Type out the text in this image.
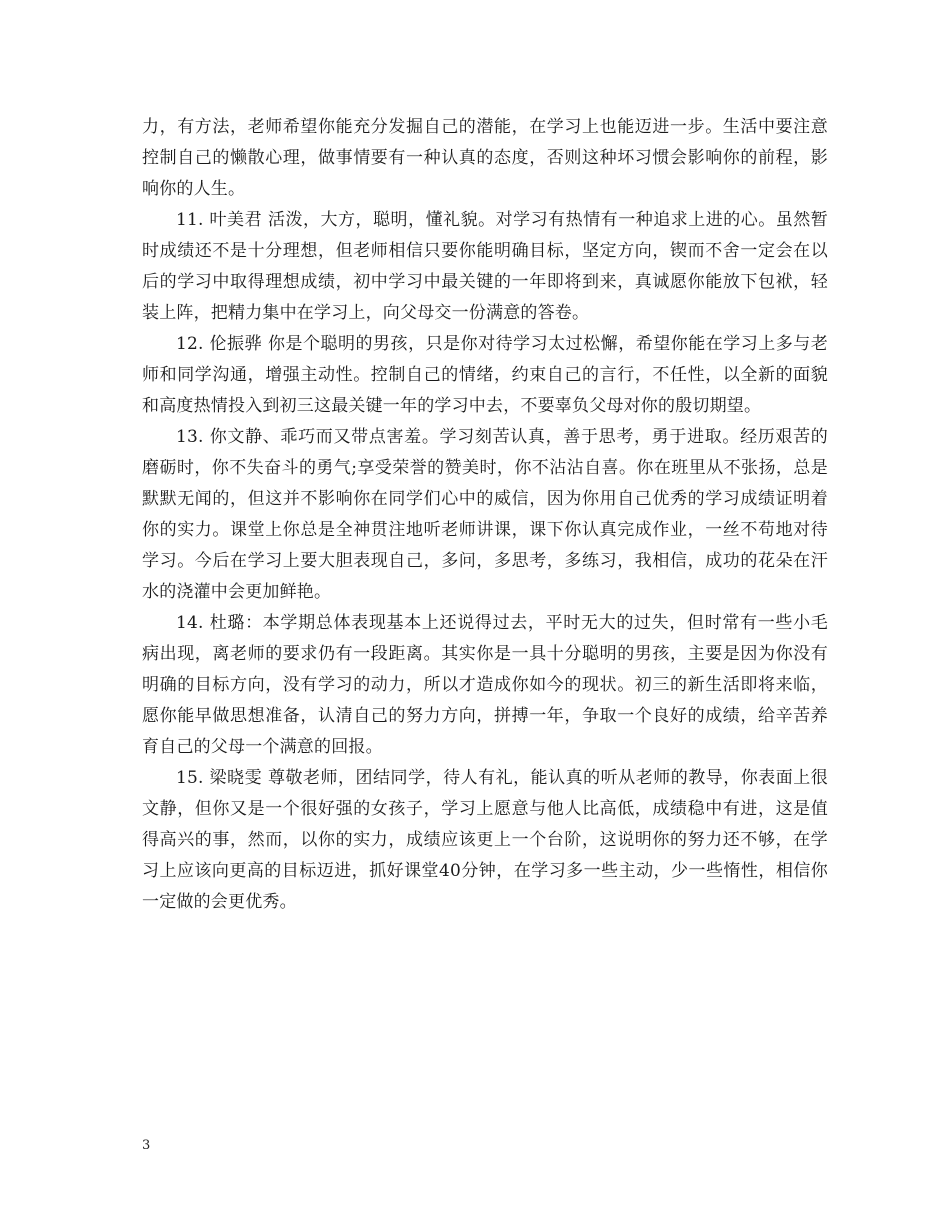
力，有方法，老师希望你能充分发掘自己的潜能，在学习上也能迈进一步。生活中要注意控制自己的懒散心理，做事情要有一种认真的态度，否则这种坏习惯会影响你的前程，影响你的人生。

11. 叶美君 活泼，大方，聪明，懂礼貌。对学习有热情有一种追求上进的心。虽然暂时成绩还不是十分理想，但老师相信只要你能明确目标，坚定方向，锲而不舍一定会在以后的学习中取得理想成绩，初中学习中最关键的一年即将到来，真诚愿你能放下包袱，轻装上阵，把精力集中在学习上，向父母交一份满意的答卷。

12. 伦振骅 你是个聪明的男孩，只是你对待学习太过松懈，希望你能在学习上多与老师和同学沟通，增强主动性。控制自己的情绪，约束自己的言行，不任性，以全新的面貌和高度热情投入到初三这最关键一年的学习中去，不要辜负父母对你的殷切期望。

13. 你文静、乖巧而又带点害羞。学习刻苦认真，善于思考，勇于进取。经历艰苦的磨砺时，你不失奋斗的勇气;享受荣誉的赞美时，你不沾沾自喜。你在班里从不张扬，总是默默无闻的，但这并不影响你在同学们心中的威信，因为你用自己优秀的学习成绩证明着你的实力。课堂上你总是全神贯注地听老师讲课，课下你认真完成作业，一丝不苟地对待学习。今后在学习上要大胆表现自己，多问，多思考，多练习，我相信，成功的花朵在汗水的浇灌中会更加鲜艳。

14. 杜璐：本学期总体表现基本上还说得过去，平时无大的过失，但时常有一些小毛病出现，离老师的要求仍有一段距离。其实你是一具十分聪明的男孩，主要是因为你没有明确的目标方向，没有学习的动力，所以才造成你如今的现状。初三的新生活即将来临，愿你能早做思想准备，认清自己的努力方向，拼搏一年，争取一个良好的成绩，给辛苦养育自己的父母一个满意的回报。

15. 梁晓雯 尊敬老师，团结同学，待人有礼，能认真的听从老师的教导，你表面上很文静，但你又是一个很好强的女孩子，学习上愿意与他人比高低，成绩稳中有进，这是值得高兴的事，然而，以你的实力，成绩应该更上一个台阶，这说明你的努力还不够，在学习上应该向更高的目标迈进，抓好课堂40分钟，在学习多一些主动，少一些惰性，相信你一定做的会更优秀。

3
